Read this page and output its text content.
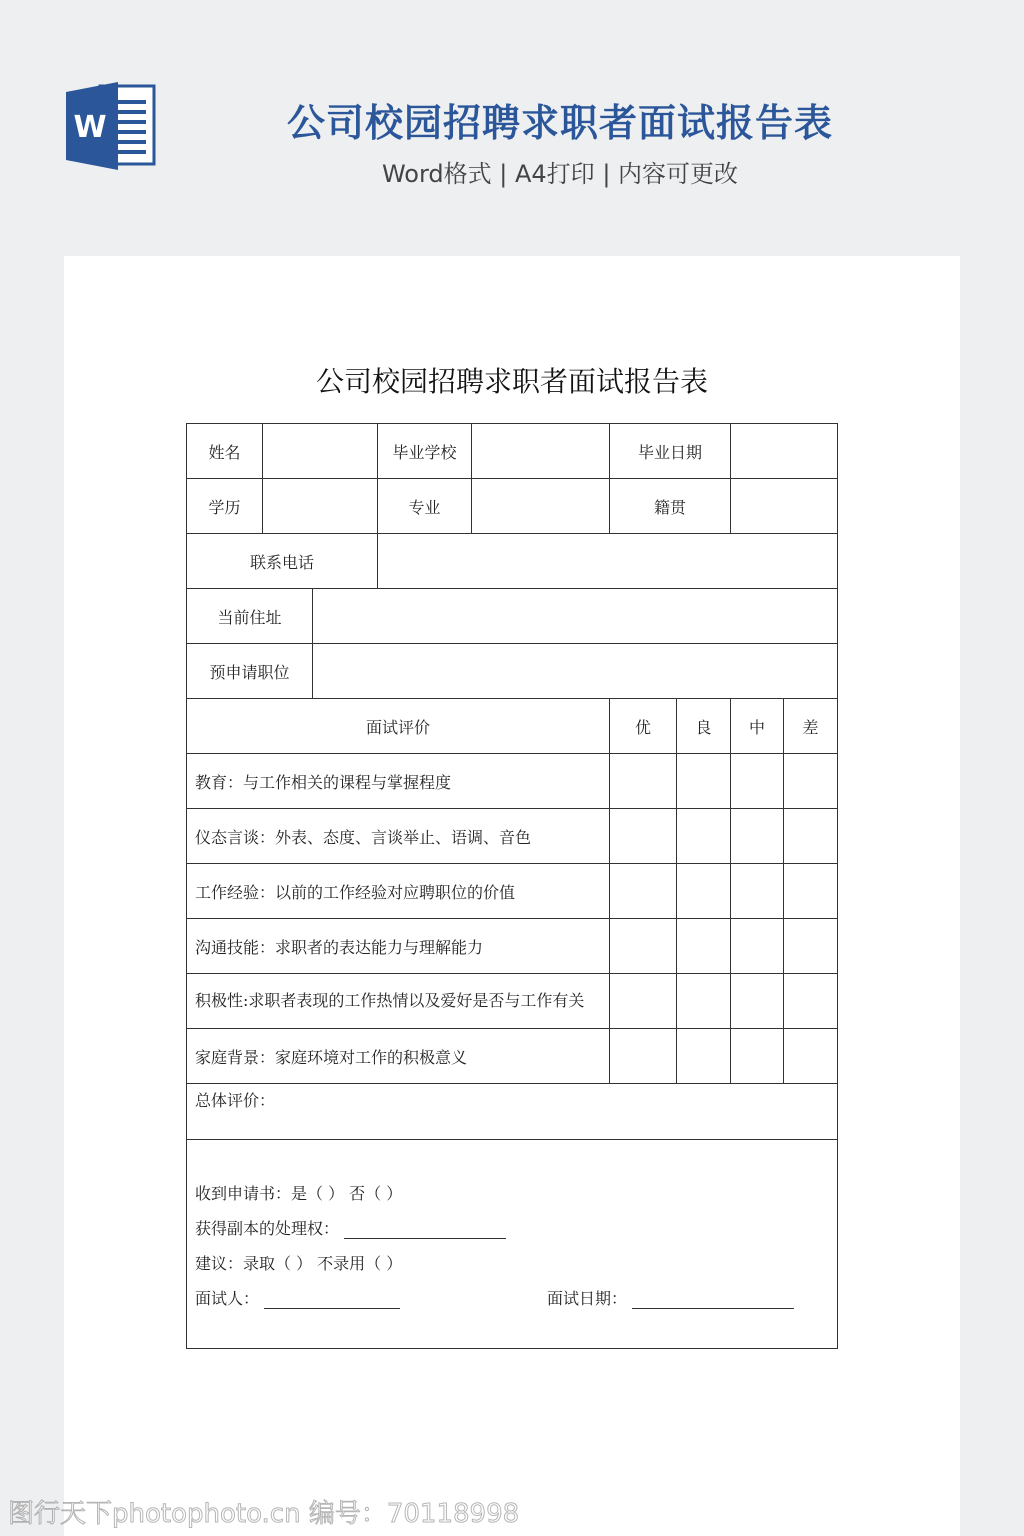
W	公司校园招聘求职者面试报告表
Word格式 | A4打印 | 内容可更改
公司校园招聘求职者面试报告表
姓名			毕业学校		毕业日期			
学历			专业		籍贯			
联系电话								
当前住址								
预申请职位								
面试评价					优	良	中	差
教育：与工作相关的课程与掌握程度								
仪态言谈：外表、态度、言谈举止、语调、音色								
工作经验：以前的工作经验对应聘职位的价值								
沟通技能：求职者的表达能力与理解能力								
积极性:求职者表现的工作热情以及爱好是否与工作有关								
家庭背景：家庭环境对工作的积极意义								
总体评价：								

收到申请书：是（ ） 否（ ）
获得副本的处理权：
建议：录取（ ） 不录用（ ）
面试人： 面试日期：								
图行天下photophoto.cn 编号：70118998
